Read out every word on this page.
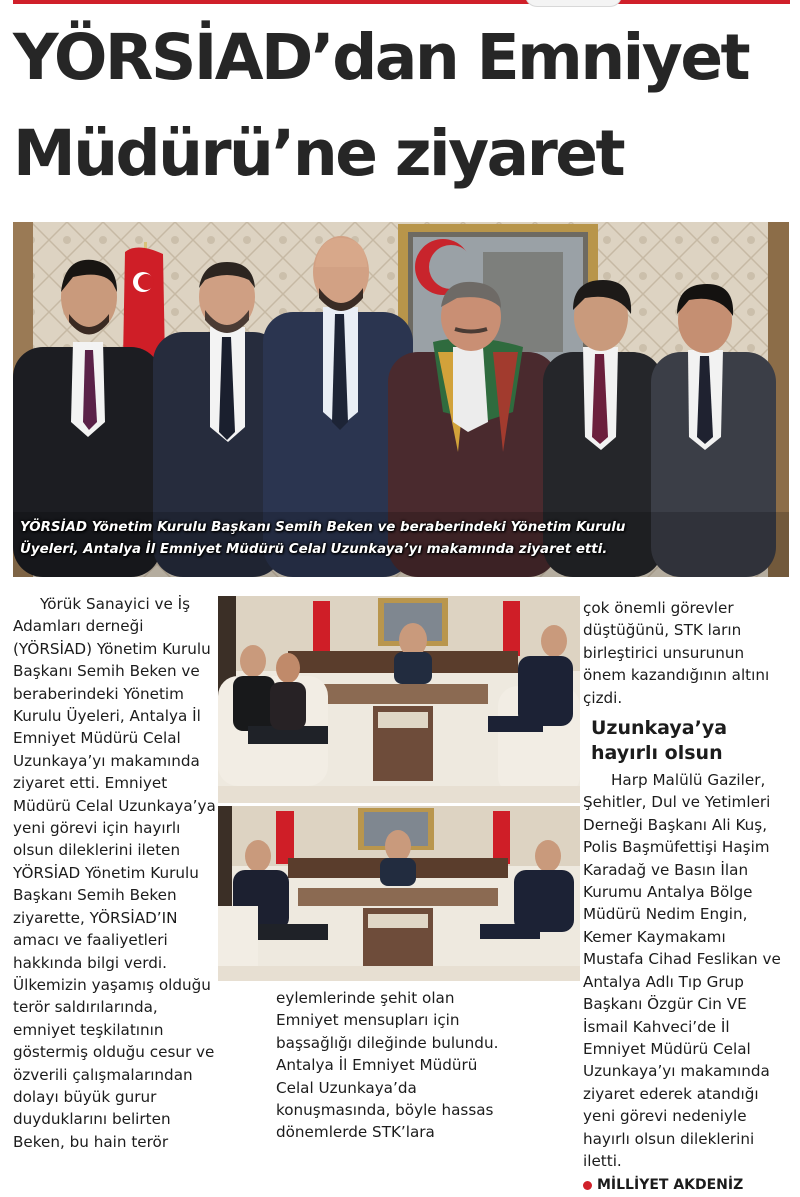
YÖRSİAD’dan Emniyet
Müdürü’ne ziyaret

YÖRSİAD Yönetim Kurulu Başkanı Semih Beken ve beraberindeki Yönetim Kurulu
Üyeleri, Antalya İl Emniyet Müdürü Celal Uzunkaya’yı makamında ziyaret etti.

Yörük Sanayici ve İş Adamları derneği (YÖRSİAD) Yönetim Kurulu Başkanı Semih Beken ve beraberindeki Yönetim Kurulu Üyeleri, Antalya İl Emniyet Müdürü Celal Uzunkaya’yı makamında ziyaret etti. Emniyet Müdürü Celal Uzunkaya’ya yeni görevi için hayırlı olsun dileklerini ileten YÖRSİAD Yönetim Kurulu Başkanı Semih Beken ziyarette, YÖRSİAD’IN amacı ve faaliyetleri hakkında bilgi verdi. Ülkemizin yaşamış olduğu terör saldırılarında, emniyet teşkilatının göstermiş olduğu cesur ve özverili çalışmalarından dolayı büyük gurur duyduklarını belirten Beken, bu hain terör

eylemlerinde şehit olan Emniyet mensupları için başsağlığı dileğinde bulundu. Antalya İl Emniyet Müdürü Celal Uzunkaya’da konuşmasında, böyle hassas dönemlerde STK’lara

çok önemli görevler düştüğünü, STK ların birleştirici unsurunun önem kazandığının altını çizdi.

Uzunkaya’ya hayırlı olsun

Harp Malülü Gaziler, Şehitler, Dul ve Yetimleri Derneği Başkanı Ali Kuş, Polis Başmüfettişi Haşim Karadağ ve Basın İlan Kurumu Antalya Bölge Müdürü Nedim Engin, Kemer Kaymakamı Mustafa Cihad Feslikan ve Antalya Adlı Tıp Grup Başkanı Özgür Cin VE İsmail Kahveci’de İl Emniyet Müdürü Celal Uzunkaya’yı makamında ziyaret ederek atandığı yeni görevi nedeniyle hayırlı olsun dileklerini iletti.

MİLLİYET AKDENİZ
